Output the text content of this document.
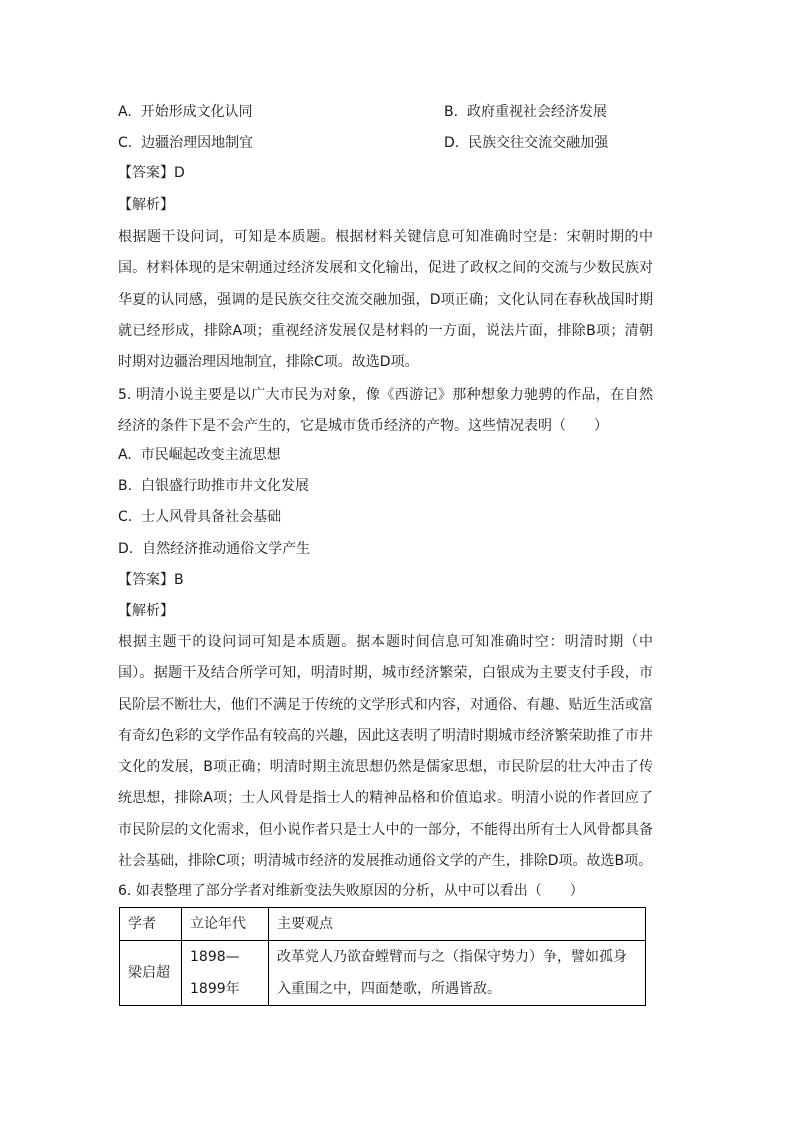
A. 开始形成文化认同	B. 政府重视社会经济发展
C. 边疆治理因地制宜	D. 民族交往交流交融加强
【答案】D
【解析】

根据题干设问词，可知是本质题。根据材料关键信息可知准确时空是：宋朝时期的中国。材料体现的是宋朝通过经济发展和文化输出，促进了政权之间的交流与少数民族对华夏的认同感，强调的是民族交往交流交融加强，D项正确；文化认同在春秋战国时期就已经形成，排除A项；重视经济发展仅是材料的一方面，说法片面，排除B项；清朝时期对边疆治理因地制宜，排除C项。故选D项。

5. 明清小说主要是以广大市民为对象，像《西游记》那种想象力驰骋的作品，在自然经济的条件下是不会产生的，它是城市货币经济的产物。这些情况表明（　　）

A. 市民崛起改变主流思想
B. 白银盛行助推市井文化发展
C. 士人风骨具备社会基础
D. 自然经济推动通俗文学产生
【答案】B
【解析】

根据主题干的设问词可知是本质题。据本题时间信息可知准确时空：明清时期（中国）。据题干及结合所学可知，明清时期，城市经济繁荣，白银成为主要支付手段，市民阶层不断壮大，他们不满足于传统的文学形式和内容，对通俗、有趣、贴近生活或富有奇幻色彩的文学作品有较高的兴趣，因此这表明了明清时期城市经济繁荣助推了市井文化的发展，B项正确；明清时期主流思想仍然是儒家思想，市民阶层的壮大冲击了传统思想，排除A项；士人风骨是指士人的精神品格和价值追求。明清小说的作者回应了市民阶层的文化需求，但小说作者只是士人中的一部分，不能得出所有士人风骨都具备社会基础，排除C项；明清城市经济的发展推动通俗文学的产生，排除D项。故选B项。

6. 如表整理了部分学者对维新变法失败原因的分析，从中可以看出（　　）
学者	立论年代	主要观点
梁启超	1898—1899年	改革党人乃欲奋螳臂而与之（指保守势力）争，譬如孤身入重围之中，四面楚歌，所遇皆敌。
